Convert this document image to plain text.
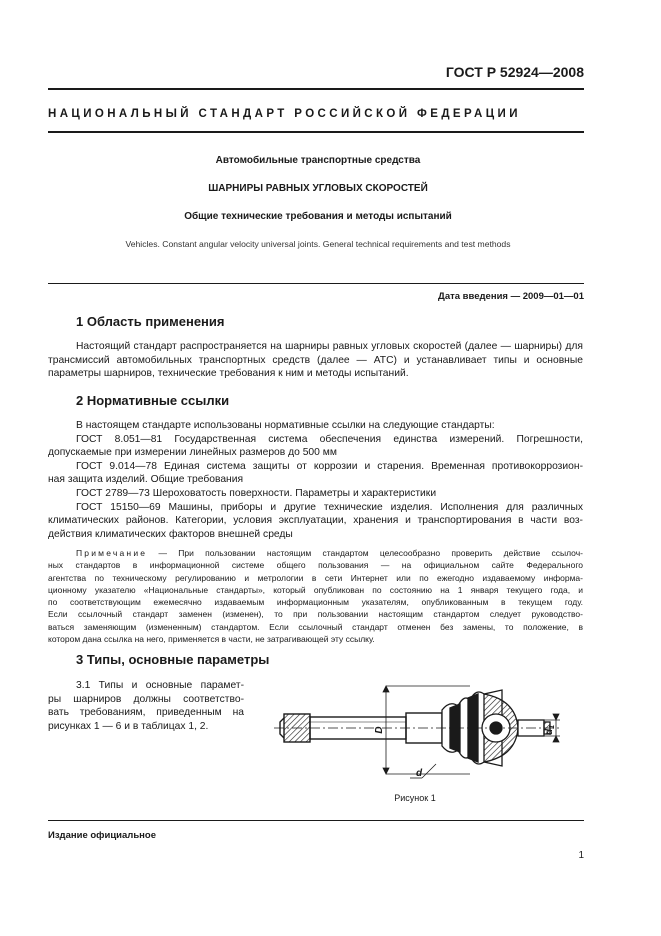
ГОСТ Р 52924—2008
НАЦИОНАЛЬНЫЙ СТАНДАРТ РОССИЙСКОЙ ФЕДЕРАЦИИ
Автомобильные транспортные средства
ШАРНИРЫ РАВНЫХ УГЛОВЫХ СКОРОСТЕЙ
Общие технические требования и методы испытаний
Vehicles. Constant angular velocity universal joints. General technical requirements and test methods
Дата введения — 2009—01—01
1 Область применения
Настоящий стандарт распространяется на шарниры равных угловых скоростей (далее — шарниры) для трансмиссий автомобильных транспортных средств (далее — АТС) и устанавливает типы и основные параметры шарниров, технические требования к ним и методы испытаний.
2 Нормативные ссылки
В настоящем стандарте использованы нормативные ссылки на следующие стандарты:
ГОСТ 8.051—81 Государственная система обеспечения единства измерений. Погрешности,
допускаемые при измерении линейных размеров до 500 мм
ГОСТ 9.014—78 Единая система защиты от коррозии и старения. Временная противокоррозион-
ная защита изделий. Общие требования
ГОСТ 2789—73 Шероховатость поверхности. Параметры и характеристики
ГОСТ 15150—69 Машины, приборы и другие технические изделия. Исполнения для различных
климатических районов. Категории, условия эксплуатации, хранения и транспортирования в части воз-
действия климатических факторов внешней среды
Примечание — При пользовании настоящим стандартом целесообразно проверить действие ссылоч-
ных стандартов в информационной системе общего пользования — на официальном сайте Федерального
агентства по техническому регулированию и метрологии в сети Интернет или по ежегодно издаваемому информа-
ционному указателю «Национальные стандарты», который опубликован по состоянию на 1 января текущего года, и
по соответствующим ежемесячно издаваемым информационным указателям, опубликованным в текущем году.
Если ссылочный стандарт заменен (изменен), то при пользовании настоящим стандартом следует руководство-
ваться заменяющим (измененным) стандартом. Если ссылочный стандарт отменен без замены, то положение, в
котором дана ссылка на него, применяется в части, не затрагивающей эту ссылку.
3 Типы, основные параметры
3.1 Типы и основные парамет-
ры шарниров должны соответство-
вать требованиям, приведенным на
рисунках 1 — 6 и в таблицах 1, 2.	D	$d_1$
d
Рисунок 1
Издание официальное
1
